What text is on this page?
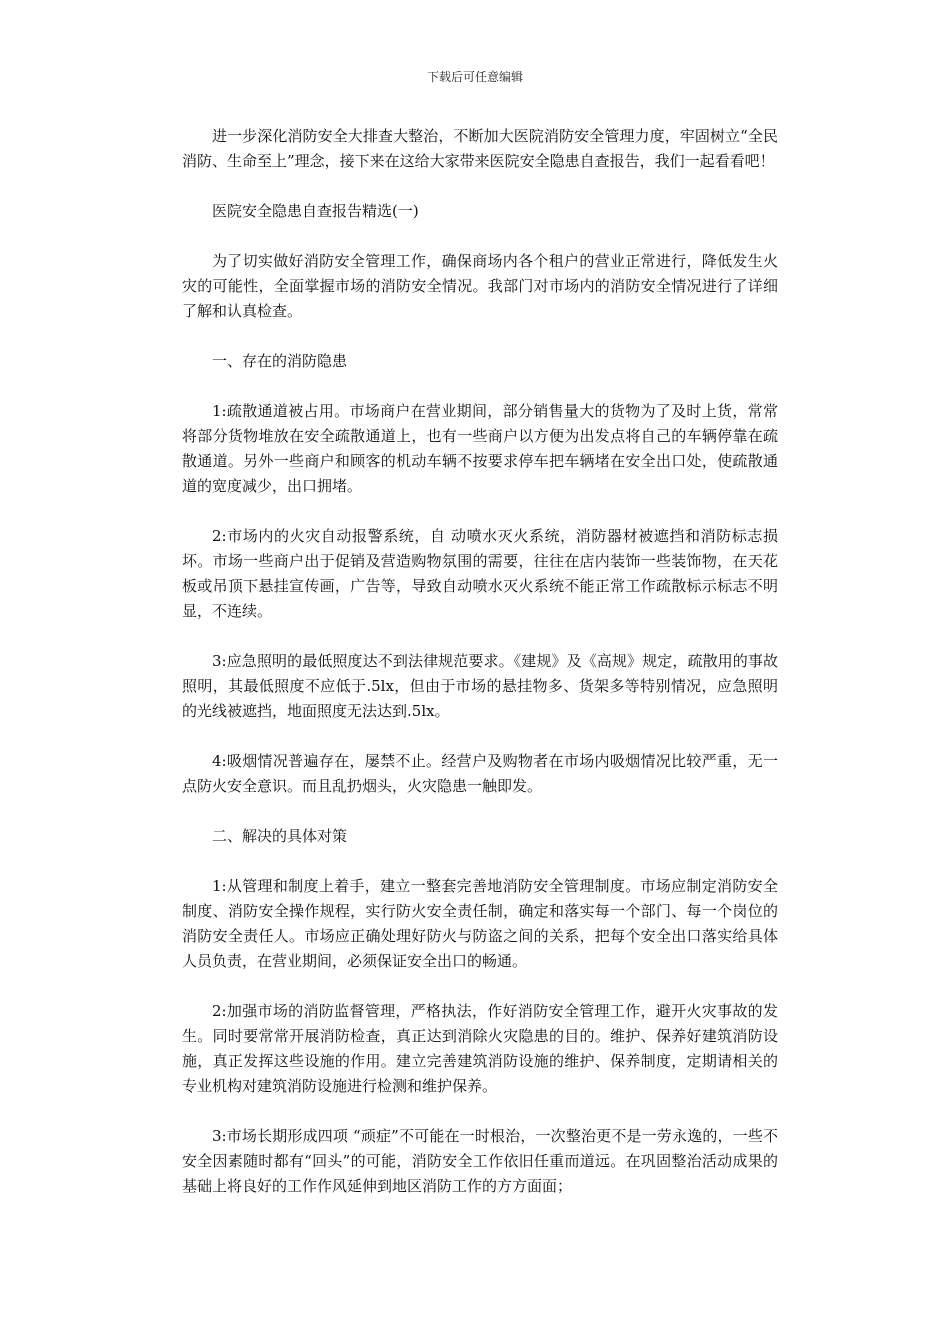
下载后可任意编辑

进一步深化消防安全大排查大整治，不断加大医院消防安全管理力度，牢固树立“全民消防、生命至上”理念，接下来在这给大家带来医院安全隐患自查报告，我们一起看看吧！

医院安全隐患自查报告精选(一)

为了切实做好消防安全管理工作，确保商场内各个租户的营业正常进行，降低发生火灾的可能性，全面掌握市场的消防安全情况。我部门对市场内的消防安全情况进行了详细了解和认真检查。

一、存在的消防隐患

1:疏散通道被占用。市场商户在营业期间，部分销售量大的货物为了及时上货，常常将部分货物堆放在安全疏散通道上，也有一些商户以方便为出发点将自己的车辆停靠在疏散通道。另外一些商户和顾客的机动车辆不按要求停车把车辆堵在安全出口处，使疏散通道的宽度减少，出口拥堵。

2:市场内的火灾自动报警系统，自 动喷水灭火系统，消防器材被遮挡和消防标志损坏。市场一些商户出于促销及营造购物氛围的需要，往往在店内装饰一些装饰物，在天花板或吊顶下悬挂宣传画，广告等，导致自动喷水灭火系统不能正常工作疏散标示标志不明显，不连续。

3:应急照明的最低照度达不到法律规范要求。《建规》及《高规》规定，疏散用的事故照明，其最低照度不应低于.5lx，但由于市场的悬挂物多、货架多等特别情况，应急照明的光线被遮挡，地面照度无法达到.5lx。

4:吸烟情况普遍存在，屡禁不止。经营户及购物者在市场内吸烟情况比较严重，无一点防火安全意识。而且乱扔烟头，火灾隐患一触即发。

二、解决的具体对策

1:从管理和制度上着手，建立一整套完善地消防安全管理制度。市场应制定消防安全制度、消防安全操作规程，实行防火安全责任制，确定和落实每一个部门、每一个岗位的消防安全责任人。市场应正确处理好防火与防盗之间的关系，把每个安全出口落实给具体人员负责，在营业期间，必须保证安全出口的畅通。

2:加强市场的消防监督管理，严格执法，作好消防安全管理工作，避开火灾事故的发生。同时要常常开展消防检查，真正达到消除火灾隐患的目的。维护、保养好建筑消防设施，真正发挥这些设施的作用。建立完善建筑消防设施的维护、保养制度，定期请相关的专业机构对建筑消防设施进行检测和维护保养。

3:市场长期形成四项 “顽症”不可能在一时根治，一次整治更不是一劳永逸的，一些不安全因素随时都有“回头”的可能，消防安全工作依旧任重而道远。在巩固整治活动成果的基础上将良好的工作作风延伸到地区消防工作的方方面面；
